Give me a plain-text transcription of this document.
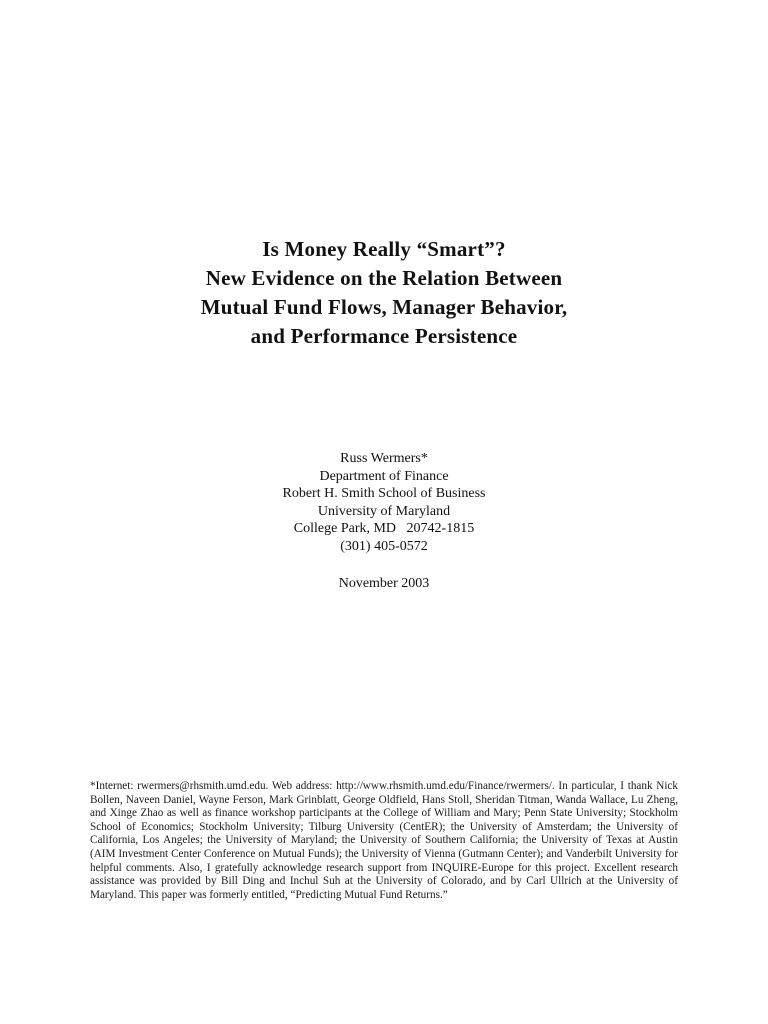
Is Money Really “Smart”?
New Evidence on the Relation Between
Mutual Fund Flows, Manager Behavior,
and Performance Persistence
Russ Wermers*
Department of Finance
Robert H. Smith School of Business
University of Maryland
College Park, MD   20742-1815
(301) 405-0572
November 2003
*Internet: rwermers@rhsmith.umd.edu. Web address: http://www.rhsmith.umd.edu/Finance/rwermers/. In particular, I thank Nick Bollen, Naveen Daniel, Wayne Ferson, Mark Grinblatt, George Oldfield, Hans Stoll, Sheridan Titman, Wanda Wallace, Lu Zheng, and Xinge Zhao as well as finance workshop participants at the College of William and Mary; Penn State University; Stockholm School of Economics; Stockholm University; Tilburg University (CentER); the University of Amsterdam; the University of California, Los Angeles; the University of Maryland; the University of Southern California; the University of Texas at Austin (AIM Investment Center Conference on Mutual Funds); the University of Vienna (Gutmann Center); and Vanderbilt University for helpful comments. Also, I gratefully acknowledge research support from INQUIRE-Europe for this project. Excellent research assistance was provided by Bill Ding and Inchul Suh at the University of Colorado, and by Carl Ullrich at the University of Maryland. This paper was formerly entitled, “Predicting Mutual Fund Returns.”
